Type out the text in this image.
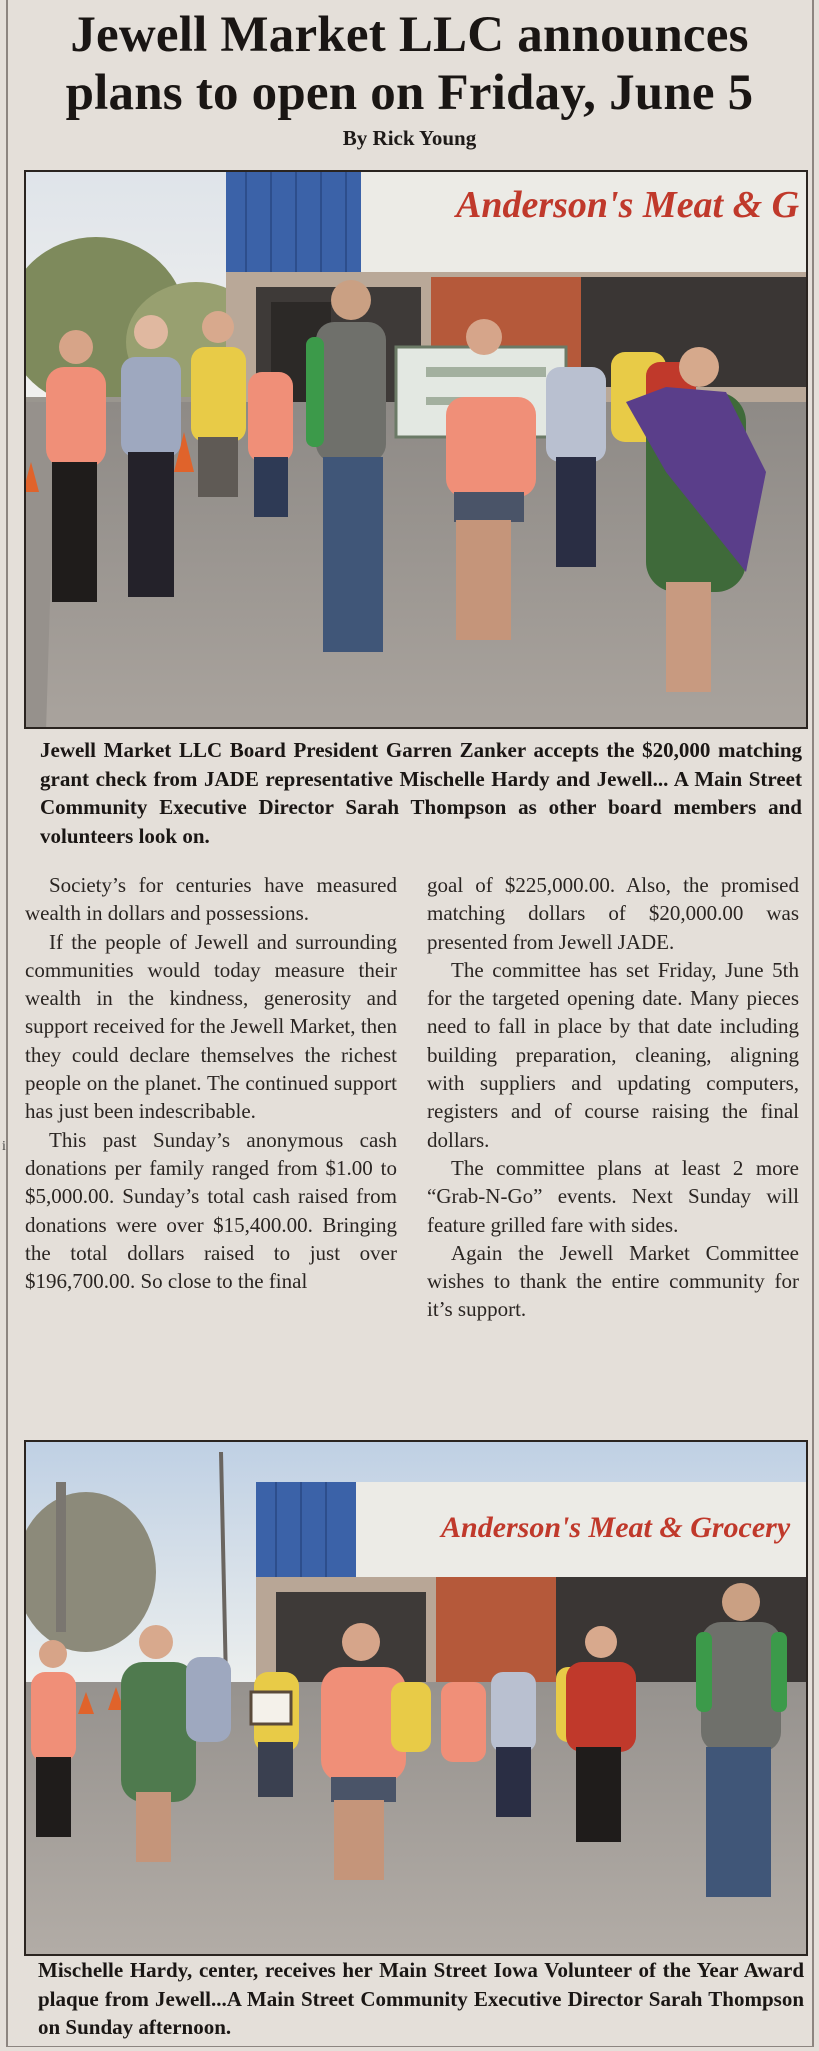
Jewell Market LLC announces
plans to open on Friday, June 5
By Rick Young
Anderson's Meat & G
Jewell Market LLC Board President Garren Zanker accepts the $20,000 matching grant check from JADE representative Mischelle Hardy and Jewell... A Main Street Community Executive Director Sarah Thompson as other board members and volunteers look on.

Society’s for centuries have measured wealth in dollars and possessions.

If the people of Jewell and surrounding communities would today measure their wealth in the kindness, generosity and support received for the Jewell Market, then they could declare themselves the richest people on the planet. The continued support has just been indescribable.

This past Sunday’s anonymous cash donations per family ranged from $1.00 to $5,000.00. Sunday’s total cash raised from donations were over $15,400.00. Bringing the total dollars raised to just over $196,700.00. So close to the final

goal of $225,000.00. Also, the promised matching dollars of $20,000.00 was presented from Jewell JADE.

The committee has set Friday, June 5th for the targeted opening date. Many pieces need to fall in place by that date including building preparation, cleaning, aligning with suppliers and updating computers, registers and of course raising the final dollars.

The committee plans at least 2 more “Grab-N-Go” events. Next Sunday will feature grilled fare with sides.

Again the Jewell Market Committee wishes to thank the entire community for it’s support.

i
Anderson's Meat & Grocery
Mischelle Hardy, center, receives her Main Street Iowa Volunteer of the Year Award plaque from Jewell...A Main Street Community Executive Director Sarah Thompson on Sunday afternoon.
